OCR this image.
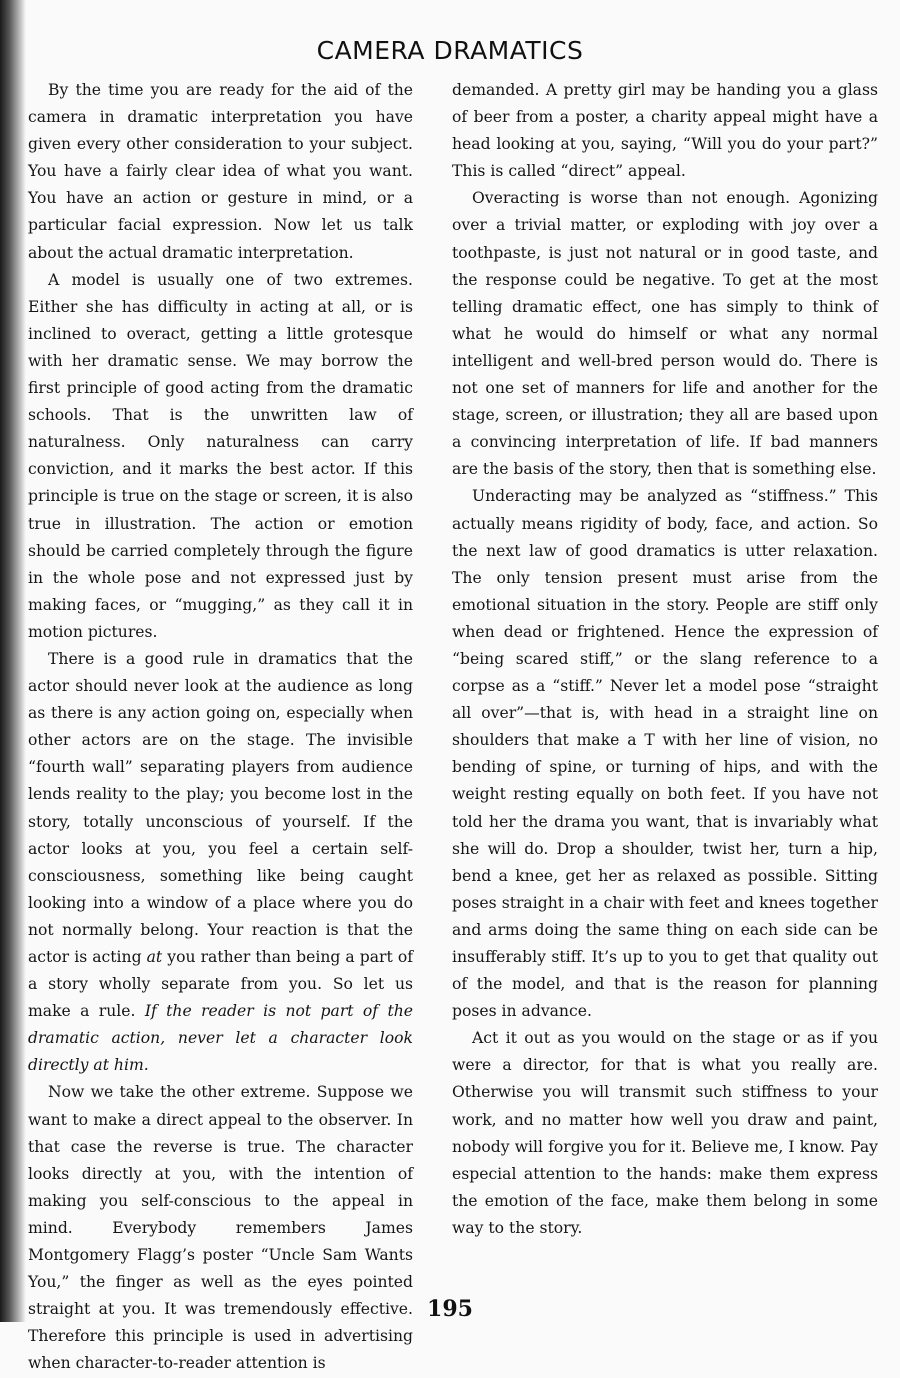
CAMERA DRAMATICS

By the time you are ready for the aid of the camera in dramatic interpretation you have given every other consideration to your subject. You have a fairly clear idea of what you want. You have an action or gesture in mind, or a particular facial expression. Now let us talk about the actual dramatic interpretation.

A model is usually one of two extremes. Either she has difficulty in acting at all, or is inclined to overact, getting a little grotesque with her dramatic sense. We may borrow the first principle of good acting from the dramatic schools. That is the unwritten law of naturalness. Only naturalness can carry conviction, and it marks the best actor. If this principle is true on the stage or screen, it is also true in illustration. The action or emotion should be carried completely through the figure in the whole pose and not expressed just by making faces, or “mugging,” as they call it in motion pictures.

There is a good rule in dramatics that the actor should never look at the audience as long as there is any action going on, especially when other actors are on the stage. The invisible “fourth wall” separating players from audience lends reality to the play; you become lost in the story, totally unconscious of yourself. If the actor looks at you, you feel a certain self-consciousness, something like being caught looking into a window of a place where you do not normally belong. Your reaction is that the actor is acting at you rather than being a part of a story wholly separate from you. So let us make a rule. If the reader is not part of the dramatic action, never let a character look directly at him.

Now we take the other extreme. Suppose we want to make a direct appeal to the observer. In that case the reverse is true. The character looks directly at you, with the intention of making you self-conscious to the appeal in mind. Everybody remembers James Montgomery Flagg’s poster “Uncle Sam Wants You,” the finger as well as the eyes pointed straight at you. It was tremendously effective. Therefore this principle is used in advertising when character-to-reader attention is

demanded. A pretty girl may be handing you a glass of beer from a poster, a charity appeal might have a head looking at you, saying, “Will you do your part?” This is called “direct” appeal.

Overacting is worse than not enough. Agonizing over a trivial matter, or exploding with joy over a toothpaste, is just not natural or in good taste, and the response could be negative. To get at the most telling dramatic effect, one has simply to think of what he would do himself or what any normal intelligent and well-bred person would do. There is not one set of manners for life and another for the stage, screen, or illustration; they all are based upon a convincing interpretation of life. If bad manners are the basis of the story, then that is something else.

Underacting may be analyzed as “stiffness.” This actually means rigidity of body, face, and action. So the next law of good dramatics is utter relaxation. The only tension present must arise from the emotional situation in the story. People are stiff only when dead or frightened. Hence the expression of “being scared stiff,” or the slang reference to a corpse as a “stiff.” Never let a model pose “straight all over”—that is, with head in a straight line on shoulders that make a T with her line of vision, no bending of spine, or turning of hips, and with the weight resting equally on both feet. If you have not told her the drama you want, that is invariably what she will do. Drop a shoulder, twist her, turn a hip, bend a knee, get her as relaxed as possible. Sitting poses straight in a chair with feet and knees together and arms doing the same thing on each side can be insufferably stiff. It’s up to you to get that quality out of the model, and that is the reason for planning poses in advance.

Act it out as you would on the stage or as if you were a director, for that is what you really are. Otherwise you will transmit such stiffness to your work, and no matter how well you draw and paint, nobody will forgive you for it. Believe me, I know. Pay especial attention to the hands: make them express the emotion of the face, make them belong in some way to the story.

195
